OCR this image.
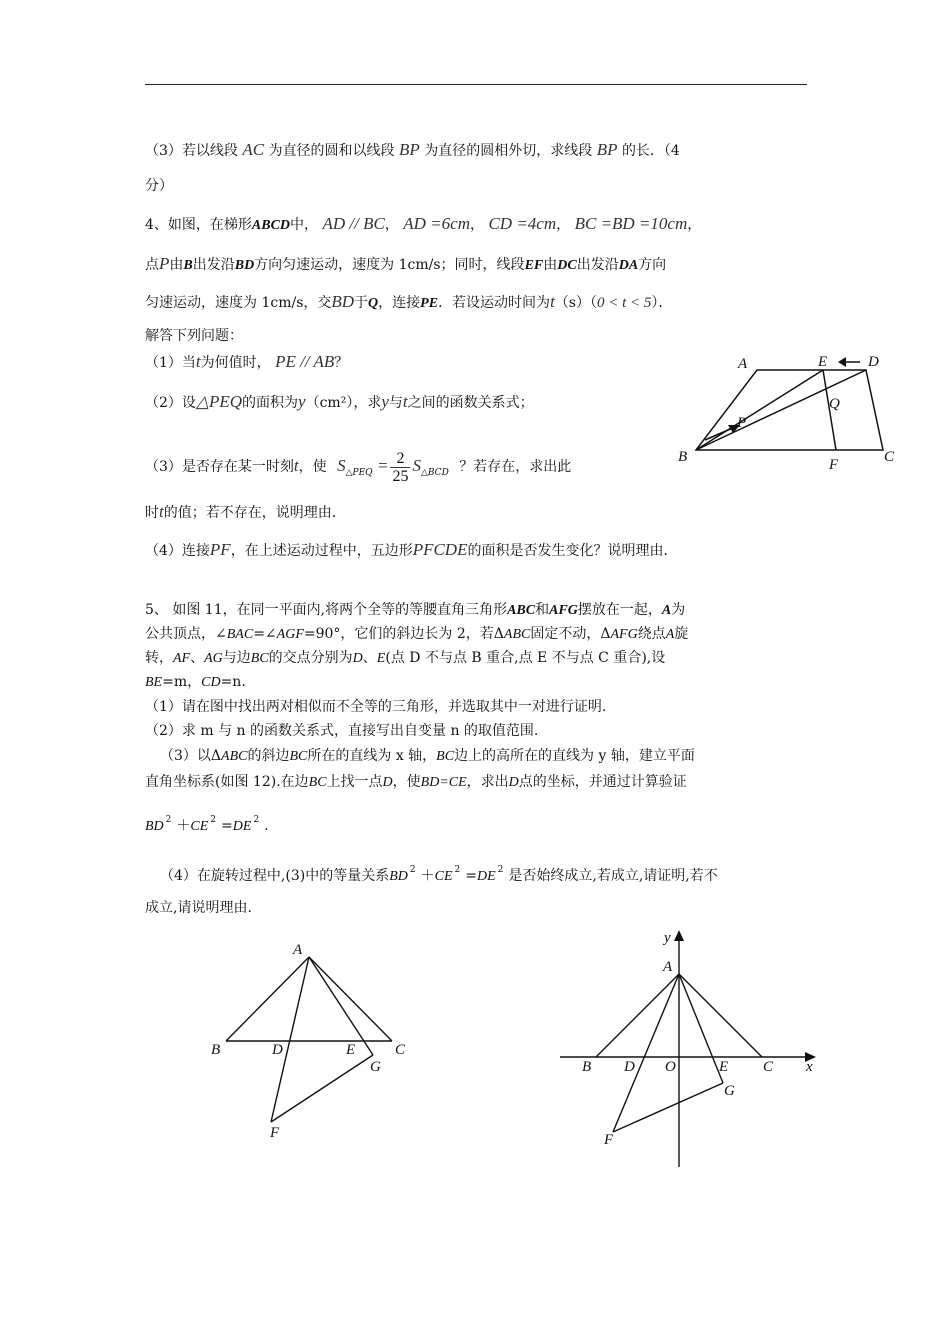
（3）若以线段 AC 为直径的圆和以线段 BP 为直径的圆相外切，求线段 BP 的长．（4
分）
4、如图，在梯形ABCD中， AD // BC， AD =6cm， CD =4cm， BC =BD =10cm，
点P由B出发沿BD方向匀速运动，速度为 1cm/s；同时，线段EF由DC出发沿DA方向
匀速运动，速度为 1cm/s，交BD于Q，连接PE．若设运动时间为t（s）（0 < t < 5）．
解答下列问题：
（1）当t为何值时， PE // AB？
（2）设△PEQ的面积为y（cm²），求y与t之间的函数关系式；
（3）是否存在某一时刻t，使 $S_{\triangle PEQ} = \frac{2}{25} S_{\triangle BCD}$ ？若存在，求出此
时t的值；若不存在，说明理由．
（4）连接PF，在上述运动过程中，五边形PFCDE的面积是否发生变化？说明理由．
A	E	D
P
Q
B	F	C
5、 如图 11，在同一平面内,将两个全等的等腰直角三角形ABC和AFG摆放在一起，A为
公共顶点，∠BAC=∠AGF=90°，它们的斜边长为 2，若ΔABC固定不动，ΔAFG绕点A旋
转，AF、AG与边BC的交点分别为D、E(点 D 不与点 B 重合,点 E 不与点 C 重合),设
BE=m，CD=n.
（1）请在图中找出两对相似而不全等的三角形，并选取其中一对进行证明.
（2）求 m 与 n 的函数关系式，直接写出自变量 n 的取值范围.
（3）以ΔABC的斜边BC所在的直线为 x 轴，BC边上的高所在的直线为 y 轴，建立平面
直角坐标系(如图 12).在边BC上找一点D，使BD=CE，求出D点的坐标，并通过计算验证
BD $^2$ ＋CE $^2$ =DE $^2$ .
（4）在旋转过程中,(3)中的等量关系BD $^2$ ＋CE $^2$ =DE $^2$ 是否始终成立,若成立,请证明,若不
成立,请说明理由.
A
B	D	E	C
G
F
y
A
B D O	E C x
G
F
